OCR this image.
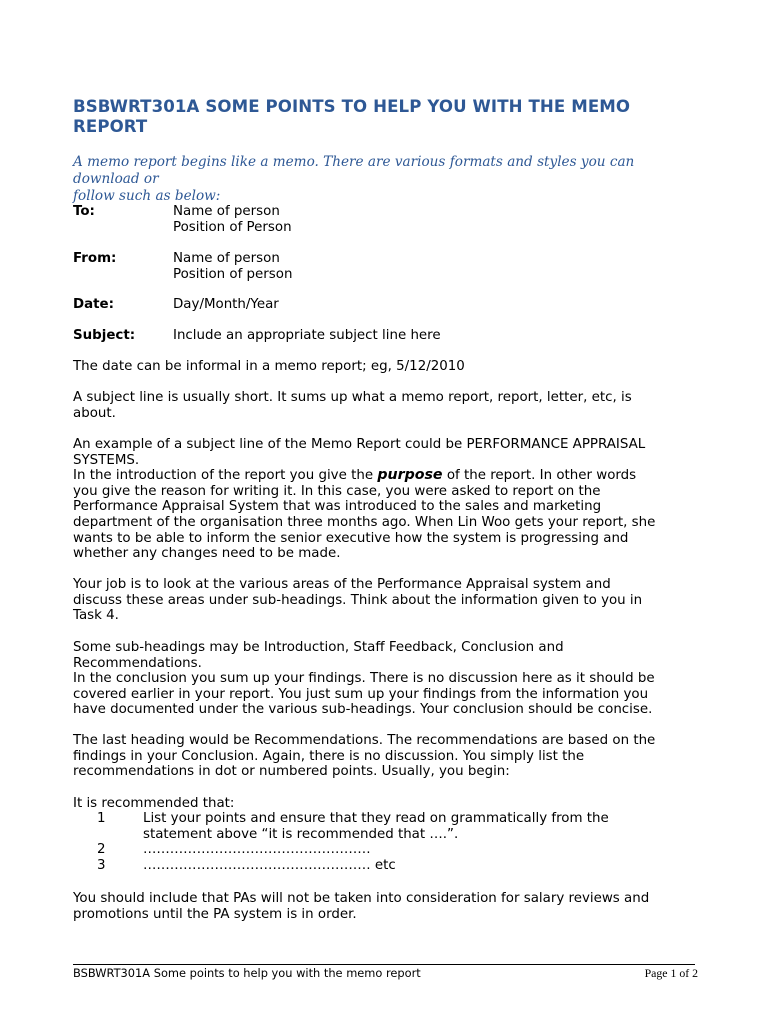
BSBWRT301A SOME POINTS TO HELP YOU WITH THE MEMO
REPORT
A memo report begins like a memo. There are various formats and styles you can download or
follow such as below:
To:	Name of person
Position of Person
From:	Name of person
Position of person
Date:	Day/Month/Year
Subject:	Include an appropriate subject line here
The date can be informal in a memo report; eg, 5/12/2010
A subject line is usually short. It sums up what a memo report, report, letter, etc, is
about.
An example of a subject line of the Memo Report could be PERFORMANCE APPRAISAL
SYSTEMS.
In the introduction of the report you give the purpose of the report. In other words
you give the reason for writing it. In this case, you were asked to report on the
Performance Appraisal System that was introduced to the sales and marketing
department of the organisation three months ago. When Lin Woo gets your report, she
wants to be able to inform the senior executive how the system is progressing and
whether any changes need to be made.
Your job is to look at the various areas of the Performance Appraisal system and
discuss these areas under sub-headings. Think about the information given to you in
Task 4.
Some sub-headings may be Introduction, Staff Feedback, Conclusion and
Recommendations.
In the conclusion you sum up your findings. There is no discussion here as it should be
covered earlier in your report. You just sum up your findings from the information you
have documented under the various sub-headings. Your conclusion should be concise.
The last heading would be Recommendations. The recommendations are based on the
findings in your Conclusion. Again, there is no discussion. You simply list the
recommendations in dot or numbered points. Usually, you begin:
It is recommended that:
1	List your points and ensure that they read on grammatically from the
statement above “it is recommended that ….”.
2	……………………………………………
3	…………………………………………… etc
You should include that PAs will not be taken into consideration for salary reviews and
promotions until the PA system is in order.
BSBWRT301A Some points to help you with the memo report	Page 1 of 2
